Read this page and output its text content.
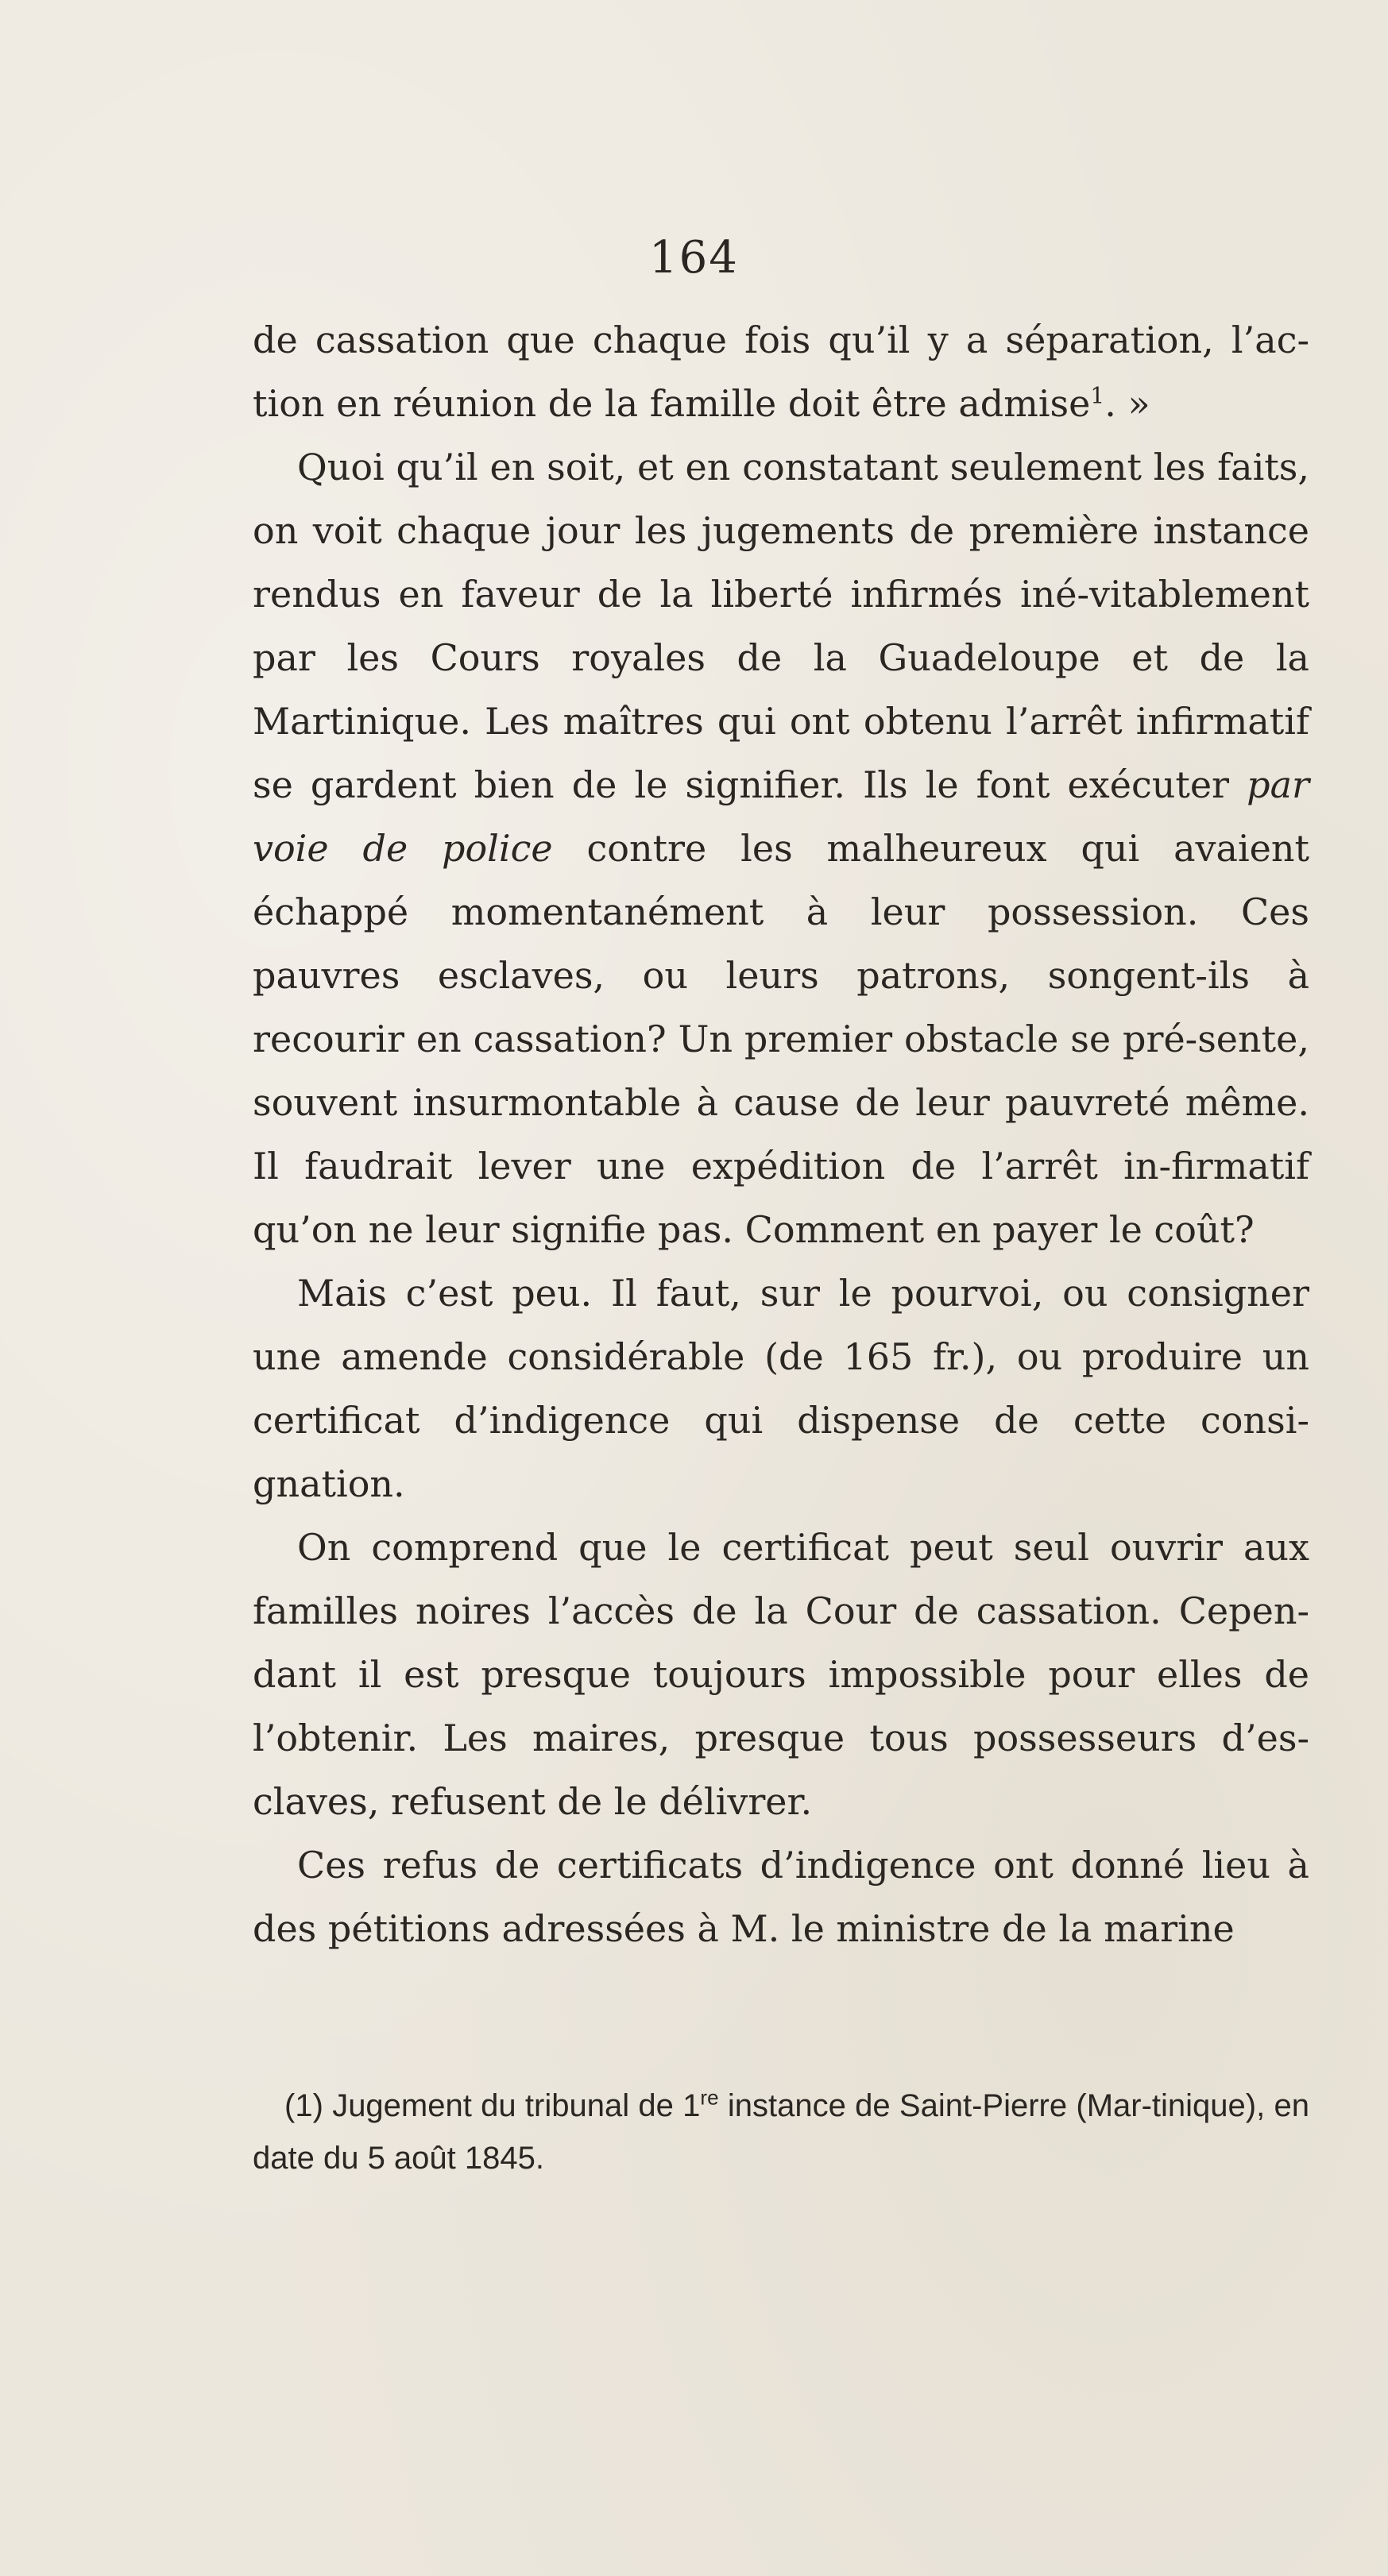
164

de cassation que chaque fois qu’il y a séparation, l’ac-tion en réunion de la famille doit être admise$^1$. »

Quoi qu’il en soit, et en constatant seulement les faits, on voit chaque jour les jugements de première instance rendus en faveur de la liberté infirmés iné-vitablement par les Cours royales de la Guadeloupe et de la Martinique. Les maîtres qui ont obtenu l’arrêt infirmatif se gardent bien de le signifier. Ils le font exécuter par voie de police contre les malheureux qui avaient échappé momentanément à leur possession. Ces pauvres esclaves, ou leurs patrons, songent-ils à recourir en cassation? Un premier obstacle se pré-sente, souvent insurmontable à cause de leur pauvreté même. Il faudrait lever une expédition de l’arrêt in-firmatif qu’on ne leur signifie pas. Comment en payer le coût?

Mais c’est peu. Il faut, sur le pourvoi, ou consigner une amende considérable (de 165 fr.), ou produire un certificat d’indigence qui dispense de cette consi-gnation.

On comprend que le certificat peut seul ouvrir aux familles noires l’accès de la Cour de cassation. Cepen-dant il est presque toujours impossible pour elles de l’obtenir. Les maires, presque tous possesseurs d’es-claves, refusent de le délivrer.

Ces refus de certificats d’indigence ont donné lieu à des pétitions adressées à M. le ministre de la marine

(1) Jugement du tribunal de 1re instance de Saint-Pierre (Mar-tinique), en date du 5 août 1845.
